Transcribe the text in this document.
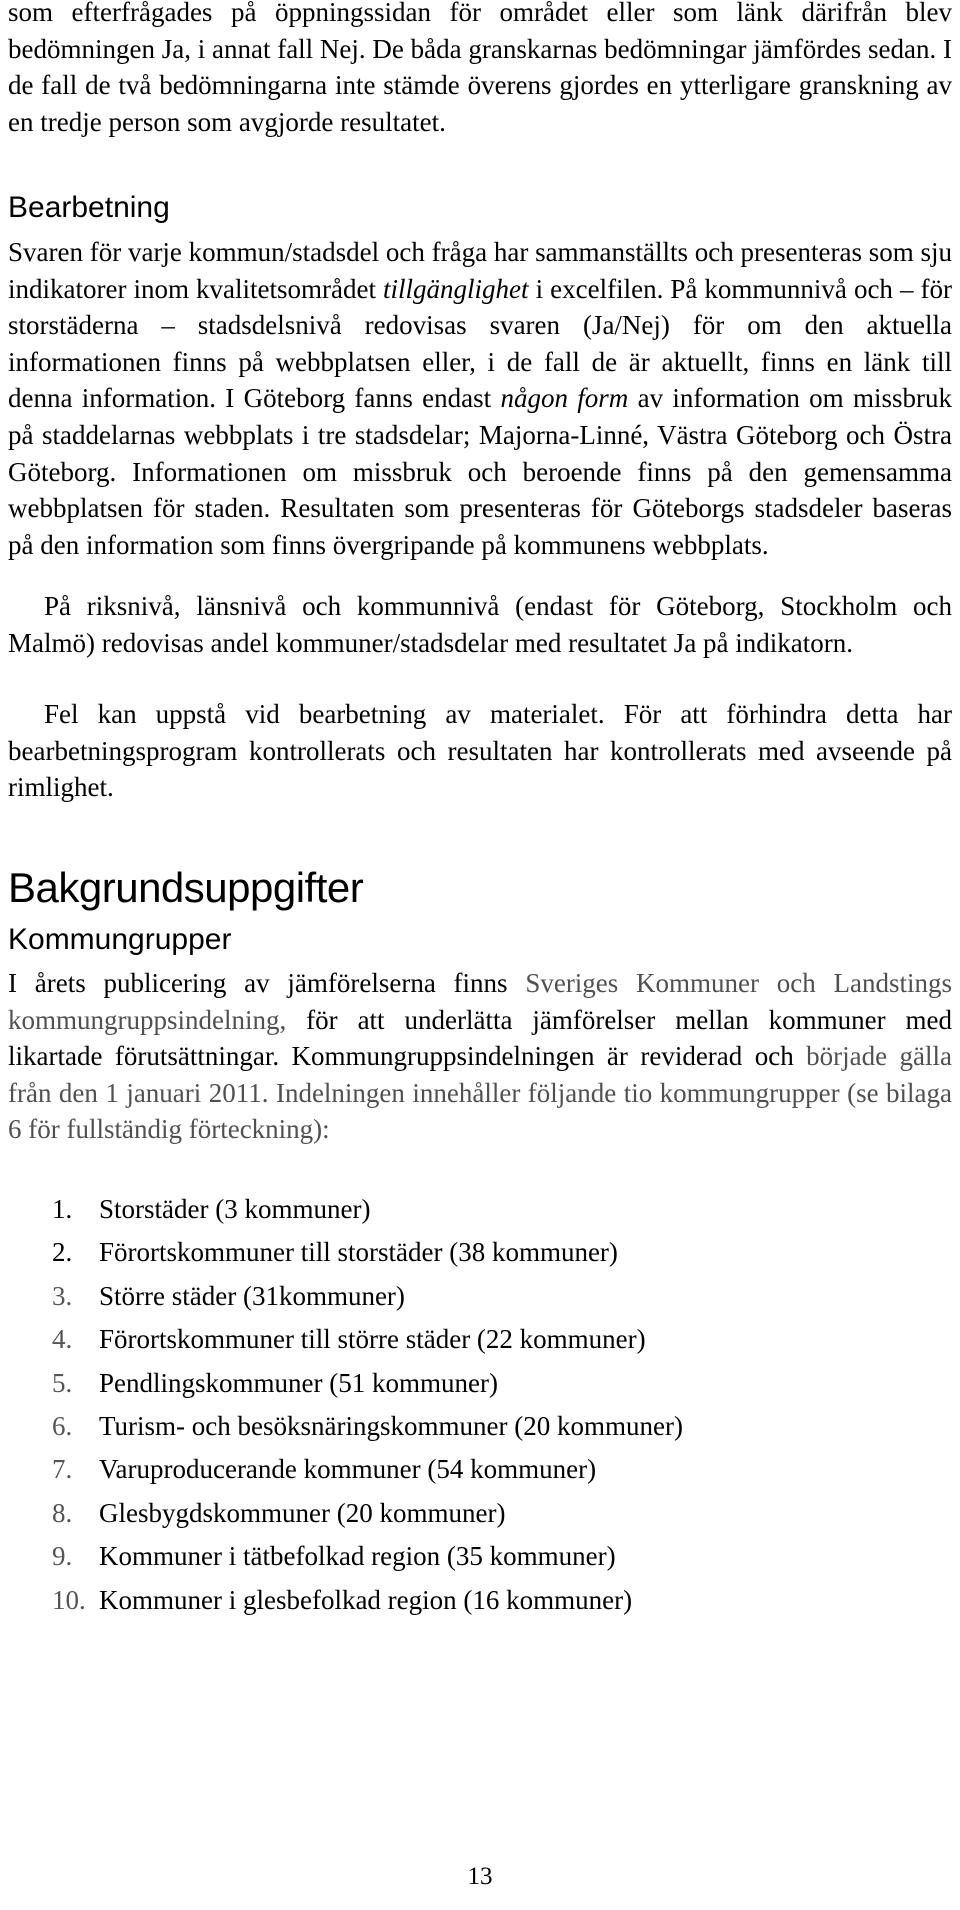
som efterfrågades på öppningssidan för området eller som länk därifrån blev bedömningen Ja, i annat fall Nej. De båda granskarnas bedömningar jämfördes sedan. I de fall de två bedömningarna inte stämde överens gjordes en ytterligare granskning av en tredje person som avgjorde resultatet.

Bearbetning

Svaren för varje kommun/stadsdel och fråga har sammanställts och presenteras som sju indikatorer inom kvalitetsområdet tillgänglighet i excelfilen. På kommunnivå och – för storstäderna – stadsdelsnivå redovisas svaren (Ja/Nej) för om den aktuella informationen finns på webbplatsen eller, i de fall de är aktuellt, finns en länk till denna information. I Göteborg fanns endast någon form av information om missbruk på staddelarnas webbplats i tre stadsdelar; Majorna-Linné, Västra Göteborg och Östra Göteborg. Informationen om missbruk och beroende finns på den gemensamma webbplatsen för staden. Resultaten som presenteras för Göteborgs stadsdeler baseras på den information som finns övergripande på kommunens webbplats.

På riksnivå, länsnivå och kommunnivå (endast för Göteborg, Stockholm och Malmö) redovisas andel kommuner/stadsdelar med resultatet Ja på indikatorn.

Fel kan uppstå vid bearbetning av materialet. För att förhindra detta har bearbetningsprogram kontrollerats och resultaten har kontrollerats med avseende på rimlighet.

Bakgrundsuppgifter
Kommungrupper

I årets publicering av jämförelserna finns Sveriges Kommuner och Landstings kommungruppsindelning, för att underlätta jämförelser mellan kommuner med likartade förutsättningar. Kommungruppsindelningen är reviderad och började gälla från den 1 januari 2011. Indelningen innehåller följande tio kommungrupper (se bilaga 6 för fullständig förteckning):

1. Storstäder (3 kommuner)
2. Förortskommuner till storstäder (38 kommuner)
3. Större städer (31kommuner)
4. Förortskommuner till större städer (22 kommuner)
5. Pendlingskommuner (51 kommuner)
6. Turism- och besöksnäringskommuner (20 kommuner)
7. Varuproducerande kommuner (54 kommuner)
8. Glesbygdskommuner (20 kommuner)
9. Kommuner i tätbefolkad region (35 kommuner)
10. Kommuner i glesbefolkad region (16 kommuner)
13
